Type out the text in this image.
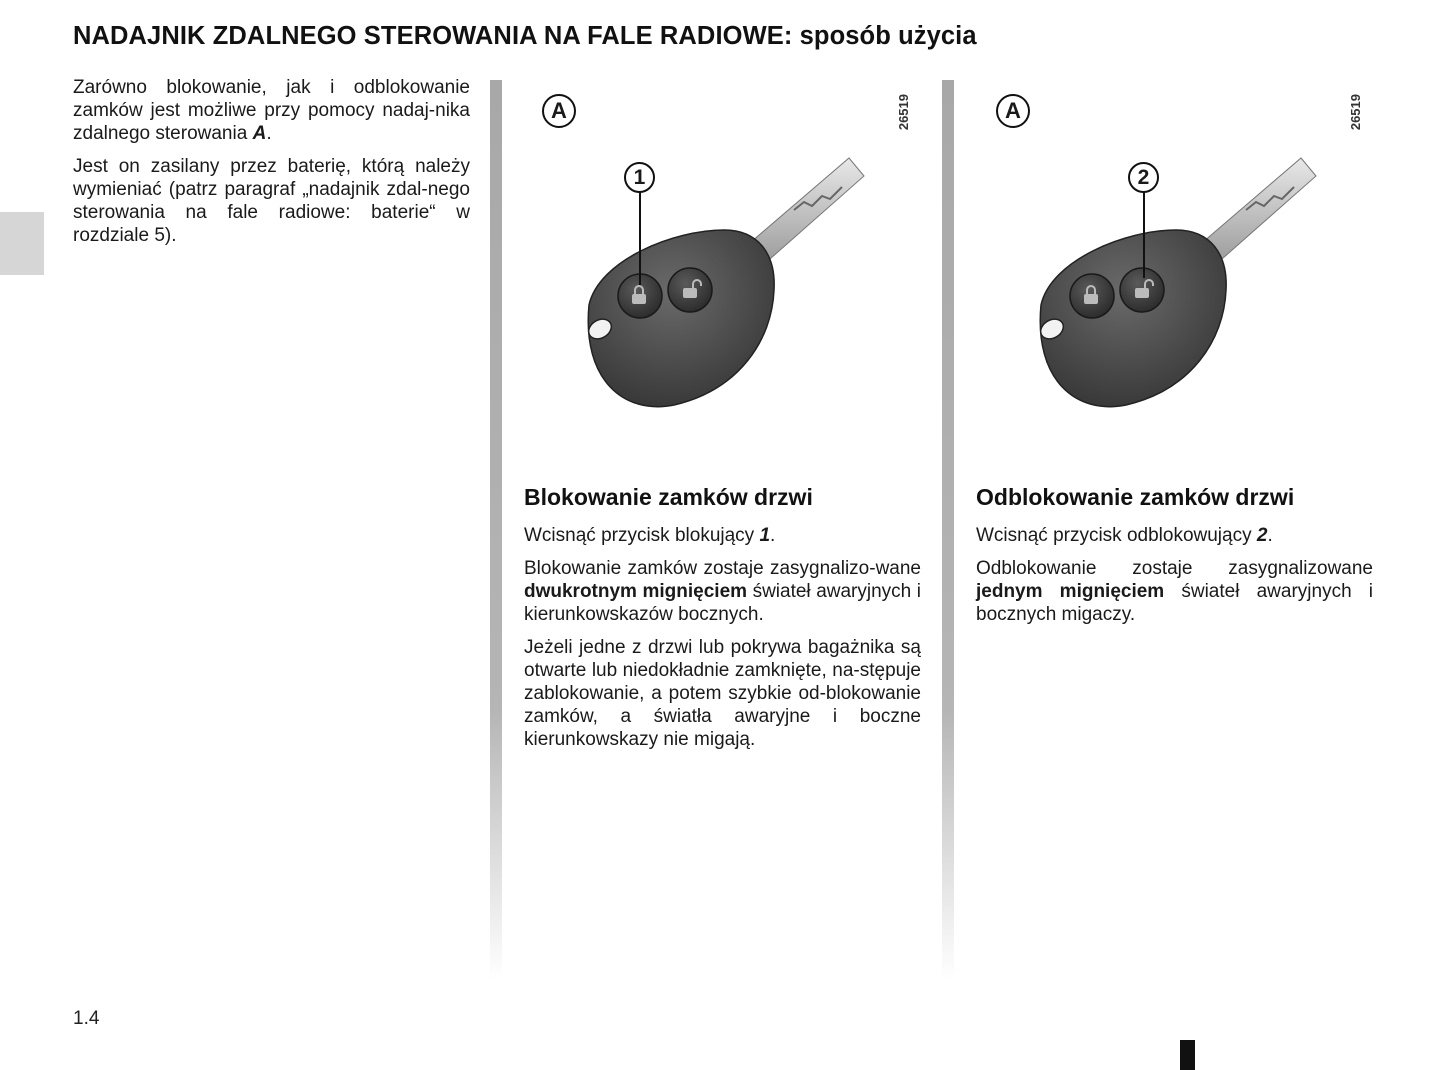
NADAJNIK ZDALNEGO STEROWANIA NA FALE RADIOWE: sposób użycia

Zarówno blokowanie, jak i odblokowanie zamków jest możliwe przy pomocy nadaj-nika zdalnego sterowania A.

Jest on zasilany przez baterię, którą należy wymieniać (patrz paragraf „nadajnik zdal-nego sterowania na fale radiowe: baterie“ w rozdziale 5).

A	26519
1
A	26519
2
Blokowanie zamków drzwi

Wcisnąć przycisk blokujący 1.

Blokowanie zamków zostaje zasygnalizo-wane dwukrotnym mignięciem świateł awaryjnych i kierunkowskazów bocznych.

Jeżeli jedne z drzwi lub pokrywa bagażnika są otwarte lub niedokładnie zamknięte, na-stępuje zablokowanie, a potem szybkie od-blokowanie zamków, a światła awaryjne i boczne kierunkowskazy nie migają.

Odblokowanie zamków drzwi

Wcisnąć przycisk odblokowujący 2.

Odblokowanie zostaje zasygnalizowane jednym mignięciem świateł awaryjnych i bocznych migaczy.

1.4
